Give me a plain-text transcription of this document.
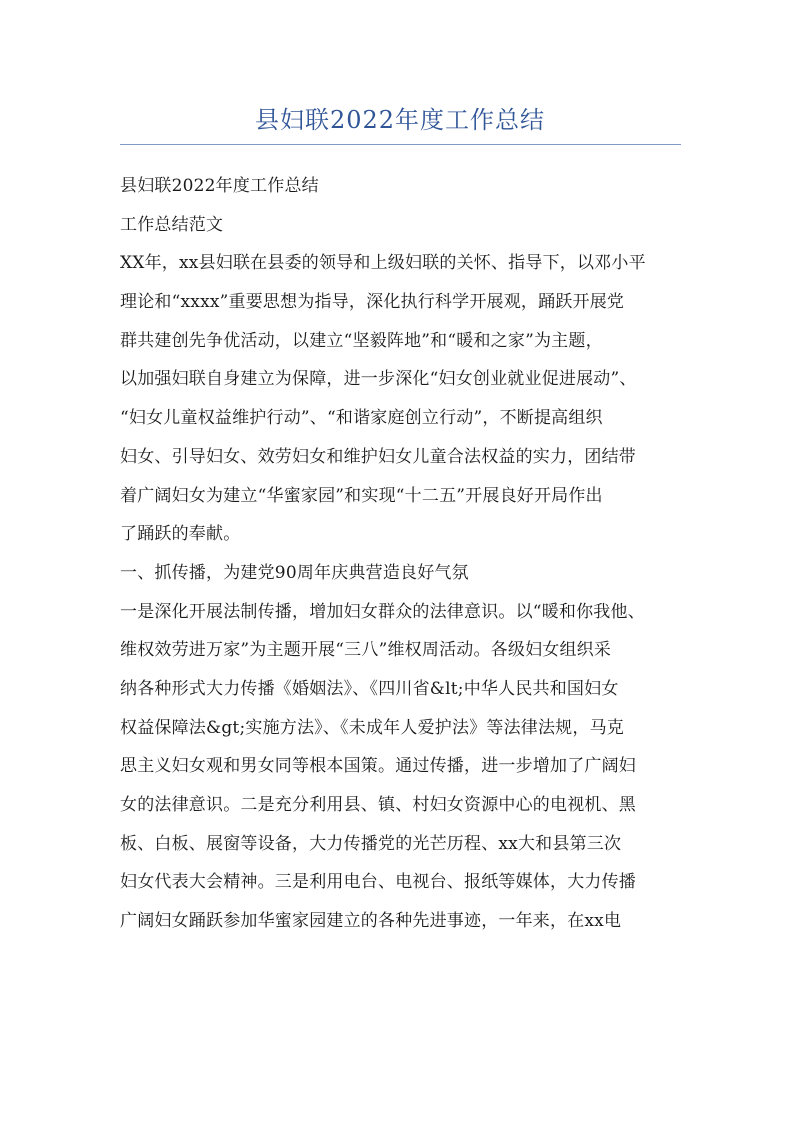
县妇联2022年度工作总结
县妇联2022年度工作总结
工作总结范文
XX年，xx县妇联在县委的领导和上级妇联的关怀、指导下，以邓小平
理论和“xxxx”重要思想为指导，深化执行科学开展观，踊跃开展党
群共建创先争优活动，以建立“坚毅阵地”和“暖和之家”为主题，
以加强妇联自身建立为保障，进一步深化“妇女创业就业促进展动”、
“妇女儿童权益维护行动”、“和谐家庭创立行动”，不断提高组织
妇女、引导妇女、效劳妇女和维护妇女儿童合法权益的实力，团结带
着广阔妇女为建立“华蜜家园”和实现“十二五”开展良好开局作出
了踊跃的奉献。
一、抓传播，为建党90周年庆典营造良好气氛
一是深化开展法制传播，增加妇女群众的法律意识。以“暖和你我他、
维权效劳进万家”为主题开展“三八”维权周活动。各级妇女组织采
纳各种形式大力传播《婚姻法》、《四川省&lt;中华人民共和国妇女
权益保障法&gt;实施方法》、《未成年人爱护法》等法律法规，马克
思主义妇女观和男女同等根本国策。通过传播，进一步增加了广阔妇
女的法律意识。二是充分利用县、镇、村妇女资源中心的电视机、黑
板、白板、展窗等设备，大力传播党的光芒历程、xx大和县第三次
妇女代表大会精神。三是利用电台、电视台、报纸等媒体，大力传播
广阔妇女踊跃参加华蜜家园建立的各种先进事迹，一年来，在xx电
